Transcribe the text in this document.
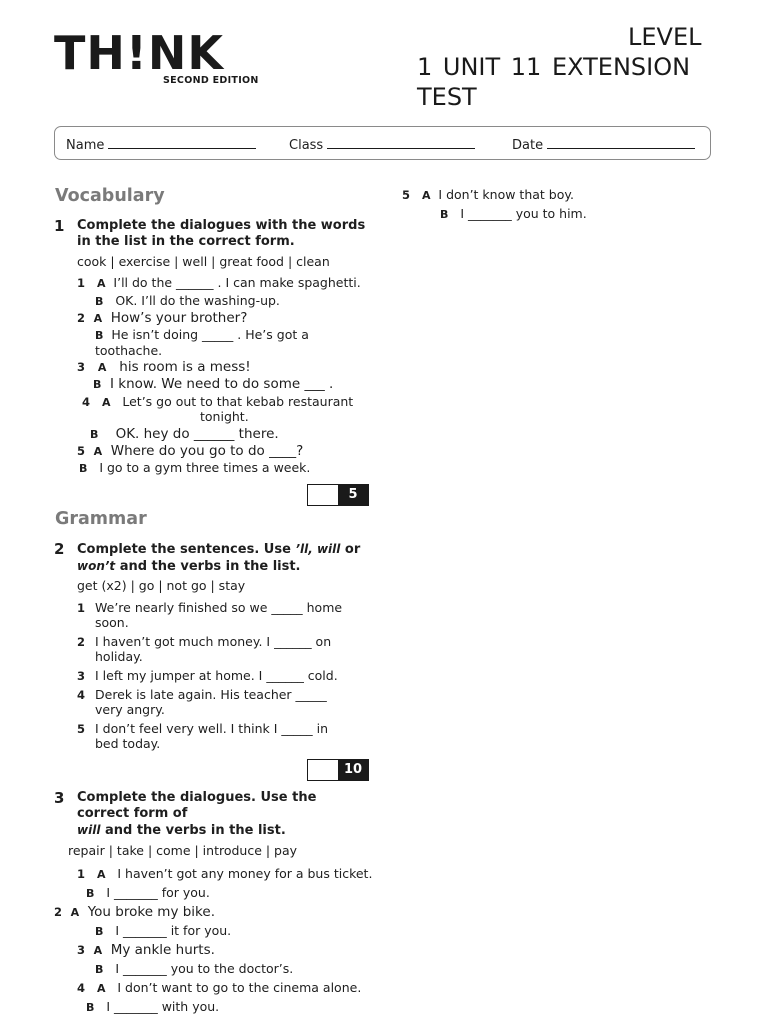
TH!NK
SECOND EDITION
LEVEL
1 UNIT 11 EXTENSION
TEST
Name	Class	Date
Vocabulary
1 Complete the dialogues with the words in the list in the correct form.
cook | exercise | well | great food | clean
1 A I’ll do the ______ . I can make spaghetti.
B OK. I’ll do the washing-up.
2 A How’s your brother?
B He isn’t doing _____ . He’s got a toothache.
3 A his room is a mess!
B I know. We need to do some ___ .
4 A Let’s go out to that kebab restaurant
tonight.
B OK. hey do ______ there.
5 A Where do you go to do ____?
B I go to a gym three times a week.
5
Grammar
2 Complete the sentences. Use ’ll, will or
won’t and the verbs in the list.
get (x2) | go | not go | stay
1 We’re nearly finished so we _____ home soon.
2 I haven’t got much money. I ______ on holiday.
3 I left my jumper at home. I ______ cold.
4 Derek is late again. His teacher _____ very angry.
5 I don’t feel very well. I think I _____ in bed today.
10
3 Complete the dialogues. Use the correct form of
will and the verbs in the list.
repair | take | come | introduce | pay
1 A I haven’t got any money for a bus ticket.
B I _______ for you.
2 A You broke my bike.
B I _______ it for you.
3 A My ankle hurts.
B I _______ you to the doctor’s.
4 A I don’t want to go to the cinema alone.
B I _______ with you.
5 A I don’t know that boy.
B I _______ you to him.
